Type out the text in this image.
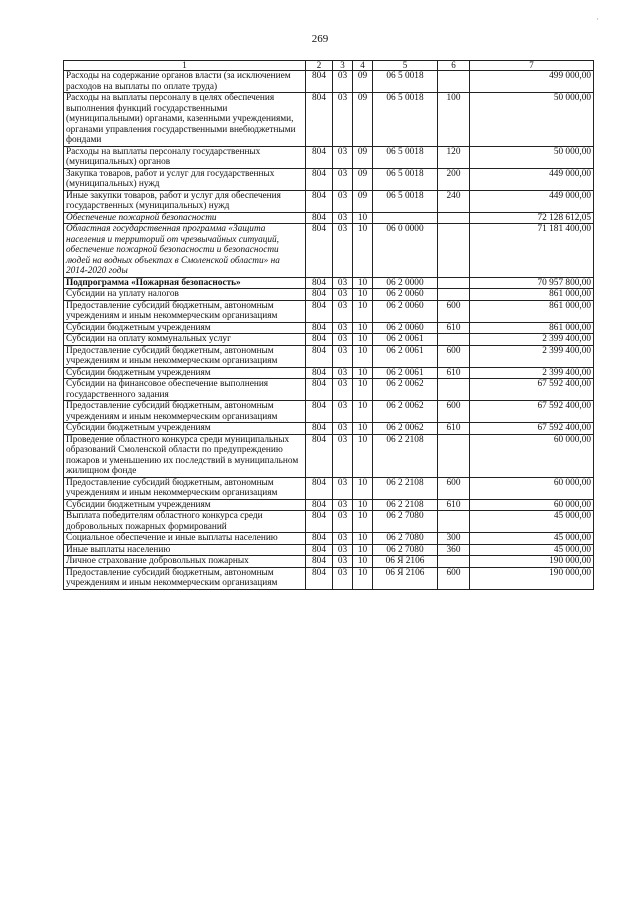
269
1	2	3	4	5	6	7
Расходы на содержание органов власти (за исключением расходов на выплаты по оплате труда)	804	03	09	06 5 0018		499 000,00
Расходы на выплаты персоналу в целях обеспечения выполнения функций государственными (муниципальными) органами, казенными учреждениями, органами управления государственными внебюджетными фондами	804	03	09	06 5 0018	100	50 000,00
Расходы на выплаты персоналу государственных (муниципальных) органов	804	03	09	06 5 0018	120	50 000,00
Закупка товаров, работ и услуг для государственных (муниципальных) нужд	804	03	09	06 5 0018	200	449 000,00
Иные закупки товаров, работ и услуг для обеспечения государственных (муниципальных) нужд	804	03	09	06 5 0018	240	449 000,00
Обеспечение пожарной безопасности	804	03	10			72 128 612,05
Областная государственная программа «Защита населения и территорий от чрезвычайных ситуаций, обеспечение пожарной безопасности и безопасности людей на водных объектах в Смоленской области» на 2014-2020 годы	804	03	10	06 0 0000		71 181 400,00
Подпрограмма «Пожарная безопасность»	804	03	10	06 2 0000		70 957 800,00
Субсидии на уплату налогов	804	03	10	06 2 0060		861 000,00
Предоставление субсидий бюджетным, автономным учреждениям и иным некоммерческим организациям	804	03	10	06 2 0060	600	861 000,00
Субсидии бюджетным учреждениям	804	03	10	06 2 0060	610	861 000,00
Субсидии на оплату коммунальных услуг	804	03	10	06 2 0061		2 399 400,00
Предоставление субсидий бюджетным, автономным учреждениям и иным некоммерческим организациям	804	03	10	06 2 0061	600	2 399 400,00
Субсидии бюджетным учреждениям	804	03	10	06 2 0061	610	2 399 400,00
Субсидии на финансовое обеспечение выполнения государственного задания	804	03	10	06 2 0062		67 592 400,00
Предоставление субсидий бюджетным, автономным учреждениям и иным некоммерческим организациям	804	03	10	06 2 0062	600	67 592 400,00
Субсидии бюджетным учреждениям	804	03	10	06 2 0062	610	67 592 400,00
Проведение областного конкурса среди муниципальных образований Смоленской области по предупреждению пожаров и уменьшению их последствий в муниципальном жилищном фонде	804	03	10	06 2 2108		60 000,00
Предоставление субсидий бюджетным, автономным учреждениям и иным некоммерческим организациям	804	03	10	06 2 2108	600	60 000,00
Субсидии бюджетным учреждениям	804	03	10	06 2 2108	610	60 000,00
Выплата победителям областного конкурса среди добровольных пожарных формирований	804	03	10	06 2 7080		45 000,00
Социальное обеспечение и иные выплаты населению	804	03	10	06 2 7080	300	45 000,00
Иные выплаты населению	804	03	10	06 2 7080	360	45 000,00
Личное страхование добровольных пожарных	804	03	10	06 Я 2106		190 000,00
Предоставление субсидий бюджетным, автономным учреждениям и иным некоммерческим организациям	804	03	10	06 Я 2106	600	190 000,00
·
